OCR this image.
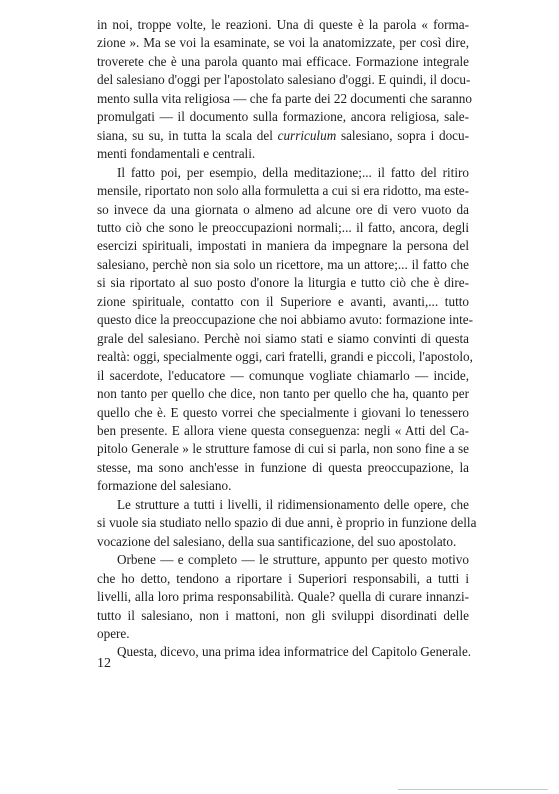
in noi, troppe volte, le reazioni. Una di queste è la parola « forma-
zione ». Ma se voi la esaminate, se voi la anatomizzate, per così dire,
troverete che è una parola quanto mai efficace. Formazione integrale
del salesiano d'oggi per l'apostolato salesiano d'oggi. E quindi, il docu-
mento sulla vita religiosa — che fa parte dei 22 documenti che saranno
promulgati — il documento sulla formazione, ancora religiosa, sale-
siana, su su, in tutta la scala del curriculum salesiano, sopra i docu-
menti fondamentali e centrali.
Il fatto poi, per esempio, della meditazione;... il fatto del ritiro
mensile, riportato non solo alla formuletta a cui si era ridotto, ma este-
so invece da una giornata o almeno ad alcune ore di vero vuoto da
tutto ciò che sono le preoccupazioni normali;... il fatto, ancora, degli
esercizi spirituali, impostati in maniera da impegnare la persona del
salesiano, perchè non sia solo un ricettore, ma un attore;... il fatto che
si sia riportato al suo posto d'onore la liturgia e tutto ciò che è dire-
zione spirituale, contatto con il Superiore e avanti, avanti,... tutto
questo dice la preoccupazione che noi abbiamo avuto: formazione inte-
grale del salesiano. Perchè noi siamo stati e siamo convinti di questa
realtà: oggi, specialmente oggi, cari fratelli, grandi e piccoli, l'apostolo,
il sacerdote, l'educatore — comunque vogliate chiamarlo — incide,
non tanto per quello che dice, non tanto per quello che ha, quanto per
quello che è. E questo vorrei che specialmente i giovani lo tenessero
ben presente. E allora viene questa conseguenza: negli « Atti del Ca-
pitolo Generale » le strutture famose di cui si parla, non sono fine a se
stesse, ma sono anch'esse in funzione di questa preoccupazione, la
formazione del salesiano.
Le strutture a tutti i livelli, il ridimensionamento delle opere, che
si vuole sia studiato nello spazio di due anni, è proprio in funzione della
vocazione del salesiano, della sua santificazione, del suo apostolato.
Orbene — e completo — le strutture, appunto per questo motivo
che ho detto, tendono a riportare i Superiori responsabili, a tutti i
livelli, alla loro prima responsabilità. Quale? quella di curare innanzi-
tutto il salesiano, non i mattoni, non gli sviluppi disordinati delle
opere.
Questa, dicevo, una prima idea informatrice del Capitolo Generale.
12
